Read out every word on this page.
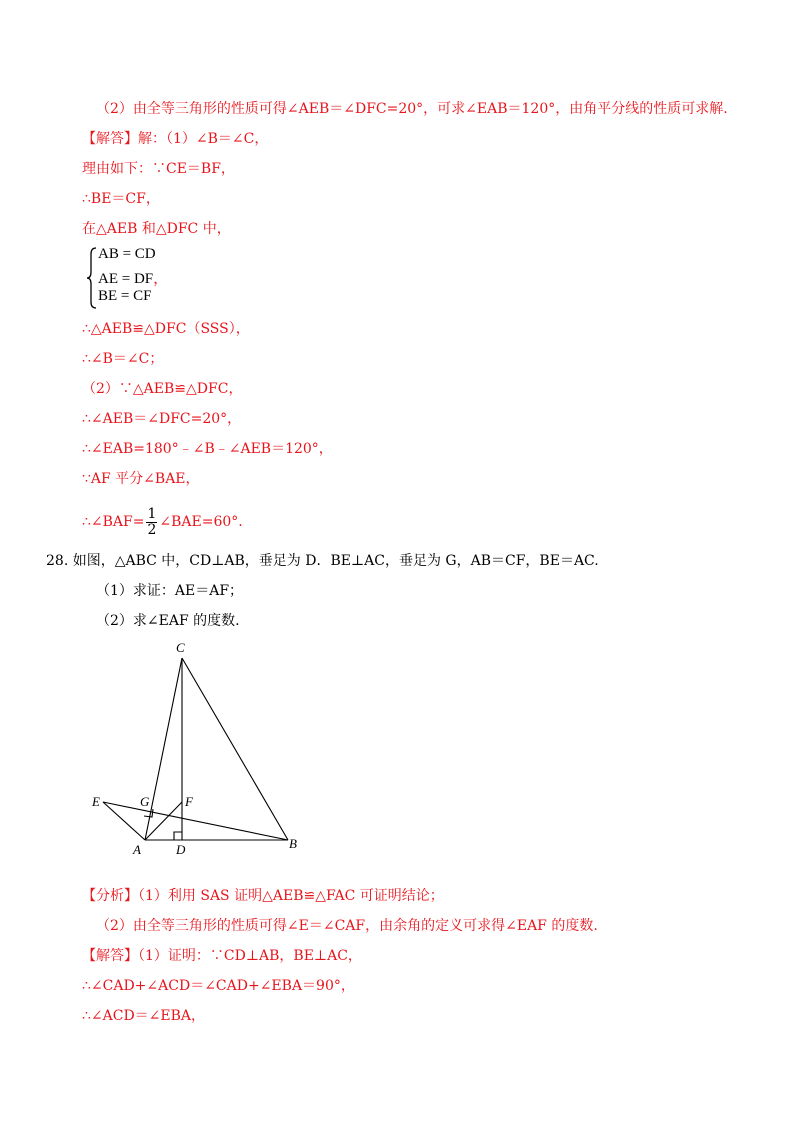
（2）由全等三角形的性质可得∠AEB＝∠DFC=20°，可求∠EAB＝120°，由角平分线的性质可求解.
【解答】解：（1）∠B＝∠C，
理由如下：∵CE＝BF，
∴BE＝CF，
在△AEB 和△DFC 中，
AB = CD
AE = DF，
BE = CF
∴△AEB≌△DFC（SSS），
∴∠B＝∠C；
（2）∵△AEB≌△DFC，
∴∠AEB＝∠DFC=20°，
∴∠EAB=180°﹣∠B﹣∠AEB＝120°，
∵AF 平分∠BAE，
∴∠BAF= $\frac{1}{2}$ ∠BAE=60°.
28. 如图，△ABC 中，CD⊥AB，垂足为 D．BE⊥AC，垂足为 G，AB＝CF，BE＝AC.
（1）求证：AE＝AF；
（2）求∠EAF 的度数.
C
E	G	F
A	D	B
【分析】（1）利用 SAS 证明△AEB≌△FAC 可证明结论；
（2）由全等三角形的性质可得∠E＝∠CAF，由余角的定义可求得∠EAF 的度数.
【解答】（1）证明：∵CD⊥AB，BE⊥AC，
∴∠CAD+∠ACD＝∠CAD+∠EBA＝90°，
∴∠ACD＝∠EBA，
